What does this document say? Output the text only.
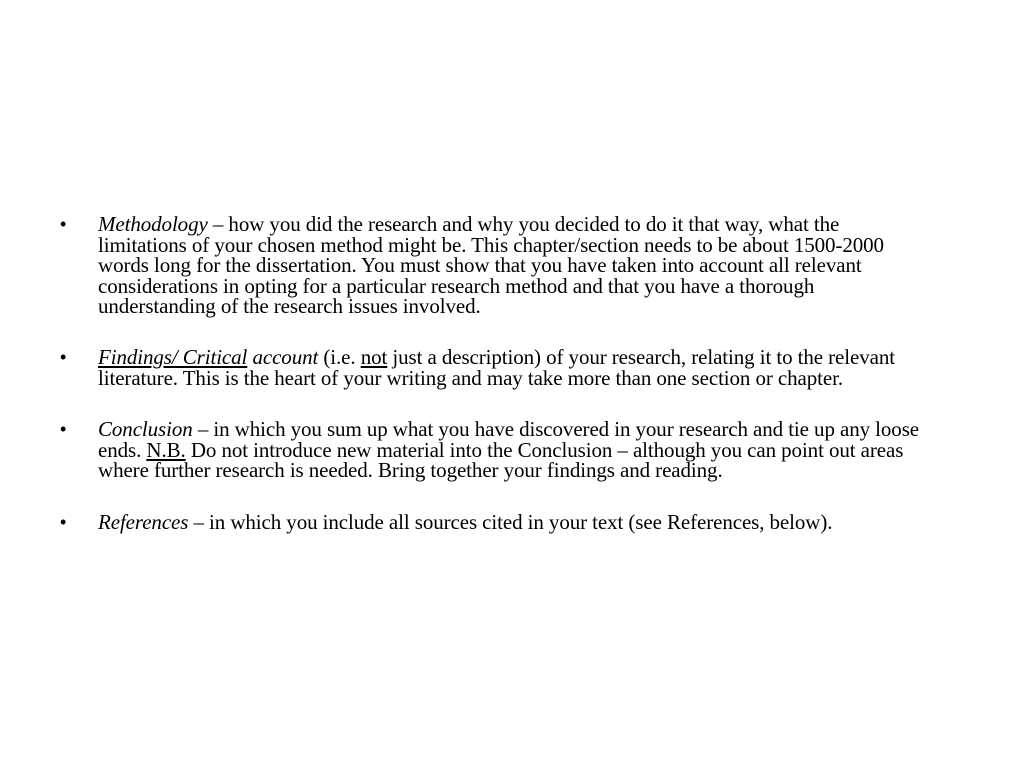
• Methodology – how you did the research and why you decided to do it that way, what the limitations of your chosen method might be. This chapter/section needs to be about 1500-2000 words long for the dissertation. You must show that you have taken into account all relevant considerations in opting for a particular research method and that you have a thorough understanding of the research issues involved.
• Findings/ Critical account (i.e. not just a description) of your research, relating it to the relevant literature. This is the heart of your writing and may take more than one section or chapter.
• Conclusion – in which you sum up what you have discovered in your research and tie up any loose ends. N.B. Do not introduce new material into the Conclusion – although you can point out areas where further research is needed. Bring together your findings and reading.
• References – in which you include all sources cited in your text (see References, below).
